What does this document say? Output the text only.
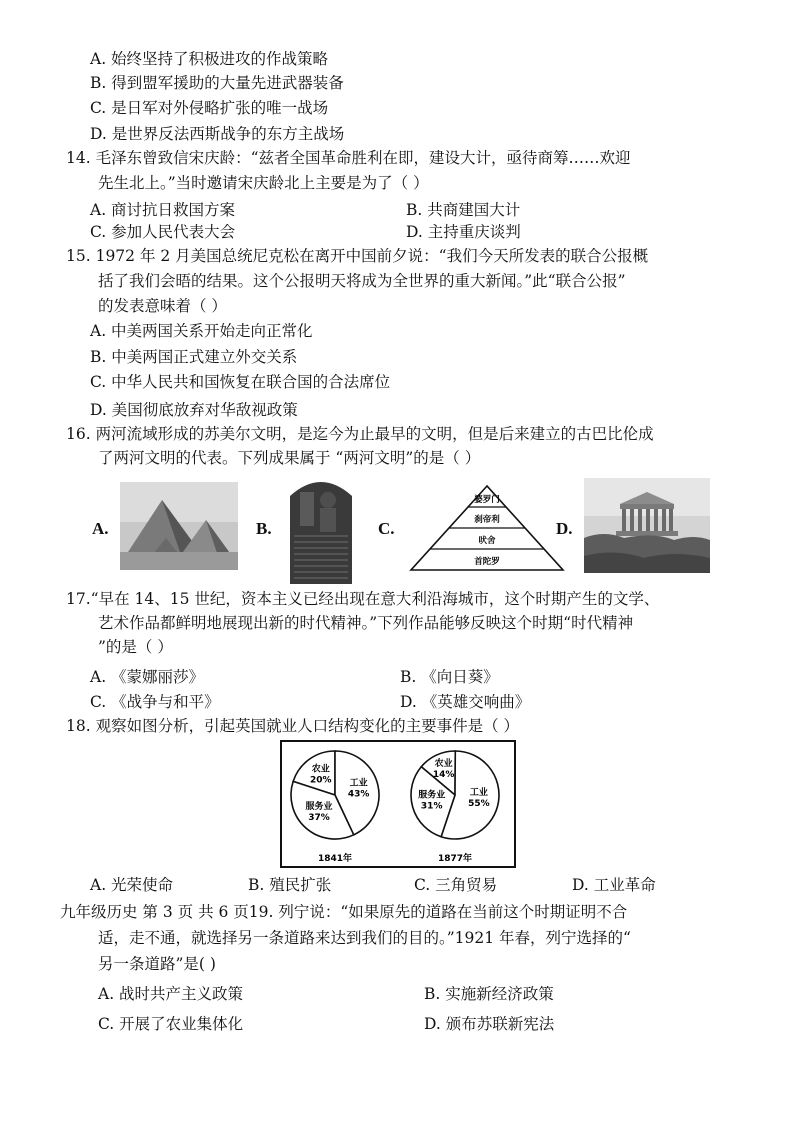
A. 始终坚持了积极进攻的作战策略
B. 得到盟军援助的大量先进武器装备
C. 是日军对外侵略扩张的唯一战场
D. 是世界反法西斯战争的东方主战场
14. 毛泽东曾致信宋庆龄：“兹者全国革命胜利在即，建设大计，亟待商筹……欢迎
先生北上。”当时邀请宋庆龄北上主要是为了（ ）
A. 商讨抗日救国方案	B. 共商建国大计
C. 参加人民代表大会	D. 主持重庆谈判
15. 1972 年 2 月美国总统尼克松在离开中国前夕说：“我们今天所发表的联合公报概
括了我们会晤的结果。这个公报明天将成为全世界的重大新闻。”此“联合公报”
的发表意味着（ ）
A. 中美两国关系开始走向正常化
B. 中美两国正式建立外交关系
C. 中华人民共和国恢复在联合国的合法席位
D. 美国彻底放弃对华敌视政策
16. 两河流域形成的苏美尔文明，是迄今为止最早的文明，但是后来建立的古巴比伦成
了两河文明的代表。下列成果属于 “两河文明”的是（ ）
A.	B.	C.
婆罗门
刹帝利
吠舍
首陀罗
D.
17.“早在 14、15 世纪，资本主义已经出现在意大利沿海城市，这个时期产生的文学、
艺术作品都鲜明地展现出新的时代精神。”下列作品能够反映这个时期“时代精神
”的是（ ）
A. 《蒙娜丽莎》	B. 《向日葵》
C. 《战争与和平》	D. 《英雄交响曲》
18. 观察如图分析，引起英国就业人口结构变化的主要事件是（ ）
农业 20% 工业 43%
服务业 37%
1841年
农业 14%
工业 55%
服务业 31%
1877年
A. 光荣使命	B. 殖民扩张	C. 三角贸易	D. 工业革命
九年级历史 第 3 页 共 6 页19. 列宁说：“如果原先的道路在当前这个时期证明不合
适，走不通，就选择另一条道路来达到我们的目的。”1921 年春，列宁选择的“
另一条道路”是( )
A. 战时共产主义政策	B. 实施新经济政策
C. 开展了农业集体化	D. 颁布苏联新宪法
